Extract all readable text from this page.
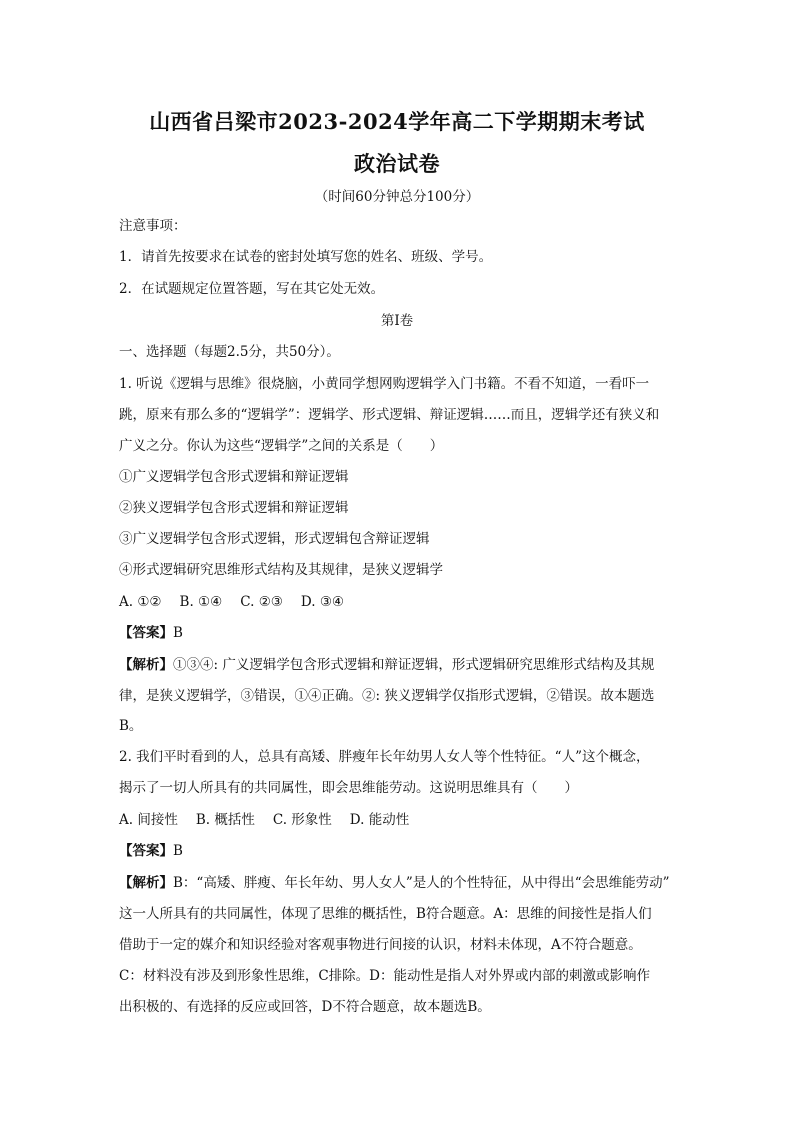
山西省吕梁市2023-2024学年高二下学期期末考试
政治试卷
（时间60分钟总分100分）
注意事项：
1．请首先按要求在试卷的密封处填写您的姓名、班级、学号。
2．在试题规定位置答题，写在其它处无效。
第Ⅰ卷
一、选择题（每题2.5分，共50分）。
1. 听说《逻辑与思维》很烧脑，小黄同学想网购逻辑学入门书籍。不看不知道，一看吓一
跳，原来有那么多的“逻辑学”：逻辑学、形式逻辑、辩证逻辑……而且，逻辑学还有狭义和
广义之分。你认为这些“逻辑学”之间的关系是（　　）
①广义逻辑学包含形式逻辑和辩证逻辑
②狭义逻辑学包含形式逻辑和辩证逻辑
③广义逻辑学包含形式逻辑，形式逻辑包含辩证逻辑
④形式逻辑研究思维形式结构及其规律，是狭义逻辑学
A. ①② B. ①④ C. ②③ D. ③④
【答案】B
【解析】①③④: 广义逻辑学包含形式逻辑和辩证逻辑，形式逻辑研究思维形式结构及其规
律，是狭义逻辑学，③错误，①④正确。②: 狭义逻辑学仅指形式逻辑，②错误。故本题选
B。
2. 我们平时看到的人，总具有高矮、胖瘦年长年幼男人女人等个性特征。“人”这个概念，
揭示了一切人所具有的共同属性，即会思维能劳动。这说明思维具有（　　）
A. 间接性 B. 概括性 C. 形象性 D. 能动性
【答案】B
【解析】B：“高矮、胖瘦、年长年幼、男人女人”是人的个性特征，从中得出“会思维能劳动”
这一人所具有的共同属性，体现了思维的概括性，B符合题意。A：思维的间接性是指人们
借助于一定的媒介和知识经验对客观事物进行间接的认识，材料未体现，A不符合题意。
C：材料没有涉及到形象性思维，C排除。D：能动性是指人对外界或内部的刺激或影响作
出积极的、有选择的反应或回答，D不符合题意，故本题选B。
